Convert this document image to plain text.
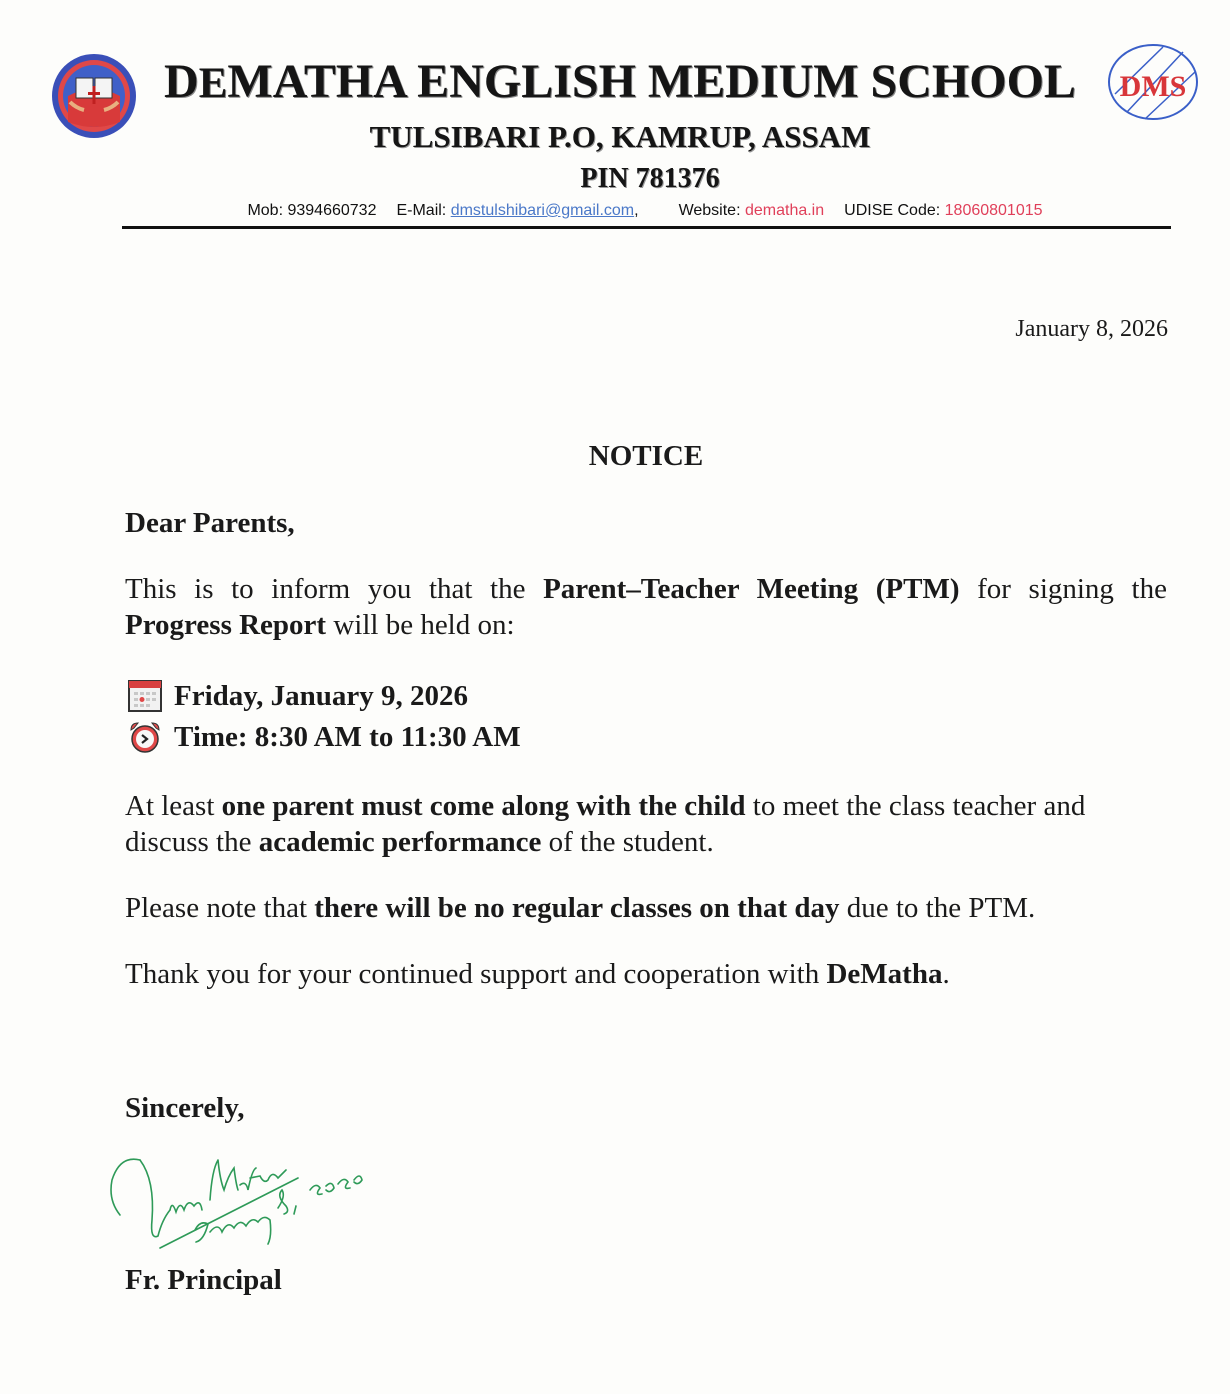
DEMATHA ENGLISH MEDIUM SCHOOL DMS
TULSIBARI P.O, KAMRUP, ASSAM
PIN 781376
Mob: 9394660732 E-Mail: dmstulshibari@gmail.com,	Website: dematha.in UDISE Code: 18060801015
January 8, 2026
NOTICE
Dear Parents,
This is to inform you that the Parent–Teacher Meeting (PTM) for signing the
Progress Report will be held on:
Friday, January 9, 2026
Time: 8:30 AM to 11:30 AM
At least one parent must come along with the child to meet the class teacher and
discuss the academic performance of the student.
Please note that there will be no regular classes on that day due to the PTM.
Thank you for your continued support and cooperation with DeMatha.
Sincerely,
Fr. Principal
